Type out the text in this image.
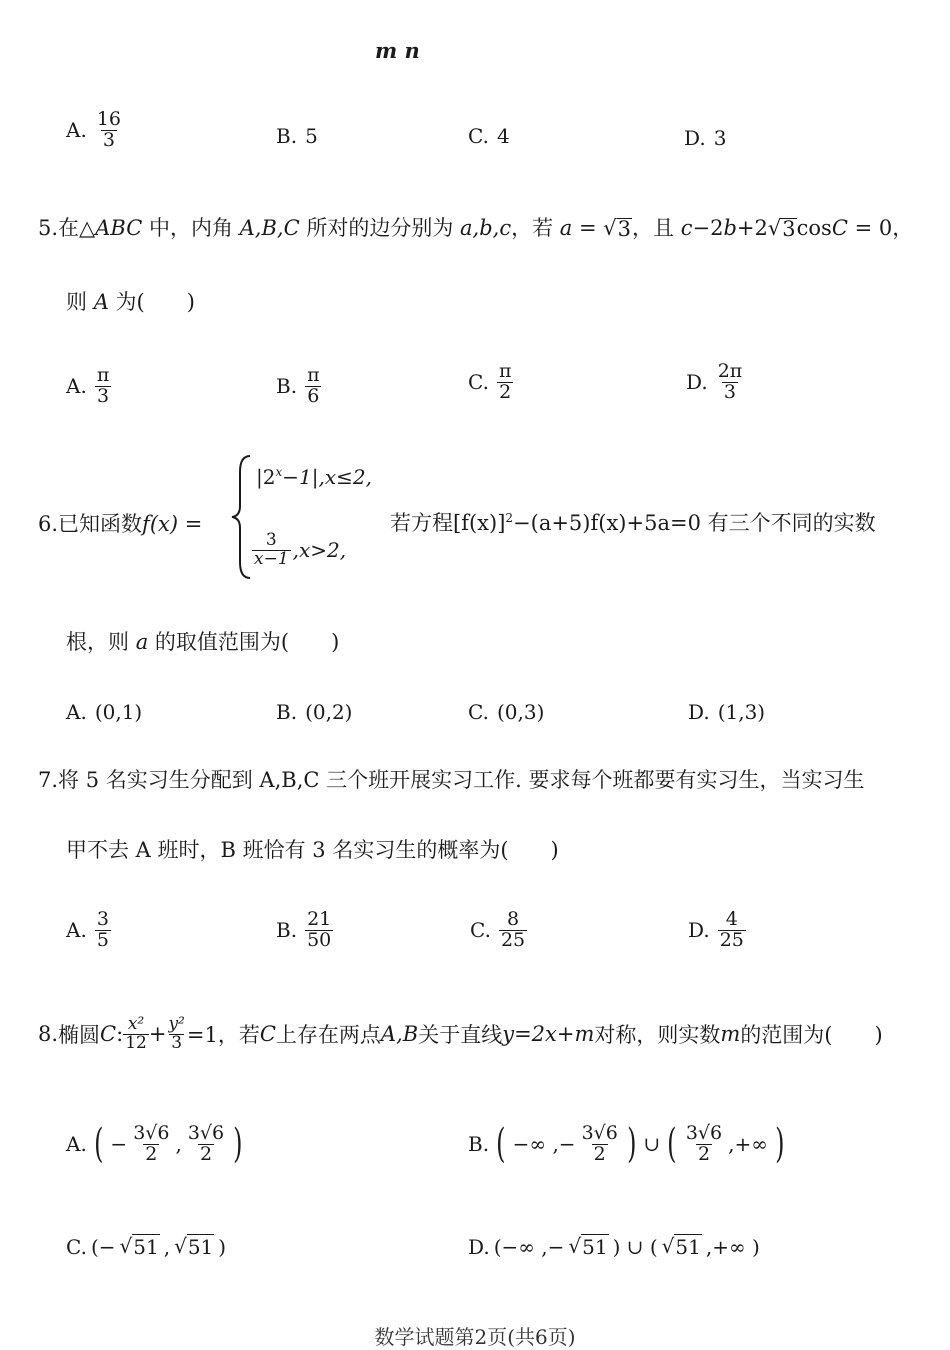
m n
A. $\frac{16}{3}$	B. 5	C. 4	D. 3
5.在△ABC 中，内角 A,B,C 所对的边分别为 a,b,c，若 a = √ 3 ，且 c−2b+2√ 3 cosC = 0，
则 A 为(　　)
A. $\frac{\pi}{3}$	B. $\frac{\pi}{6}$	C. $\frac{\pi}{2}$	D. $\frac{2\pi}{3}$
6.已知函数f(x) =
$|2^x-1|,x\le 2$,
$\frac{3}{x-1} ,x>2$,
若方程$[f(x)]^2-(a+5)f(x)+5a=0$ 有三个不同的实数
根，则 a 的取值范围为(　　)
A. (0,1)	B. (0,2)	C. (0,3)	D. (1,3)
7.将 5 名实习生分配到 A,B,C 三个班开展实习工作. 要求每个班都要有实习生，当实习生
甲不去 A 班时，B 班恰有 3 名实习生的概率为(　　)
A. $\frac{3}{5}$	B. $\frac{21}{50}$	C. $\frac{8}{25}$	D. $\frac{4}{25}$
8. 椭圆 C : $\frac{\text{x²}}{12} + \frac{\text{y²}}{3} =1$，若 C 上存在两点 A,B 关于直线 y=2x+m 对称，则实数 m 的范围为(　　)
A. ( − $\frac{3√6}{2}$ , $\frac{3√6}{2}$ )	B. ( −∞ ,− $\frac{3√6}{2}$ ) ∪ ( $\frac{3√6}{2}$ ,+∞ )
C. (− √ 51 , √ 51 )	D. (−∞ ,− √ 51 ) ∪ ( √ 51 ,+∞ )
数学试题第2页(共6页)
